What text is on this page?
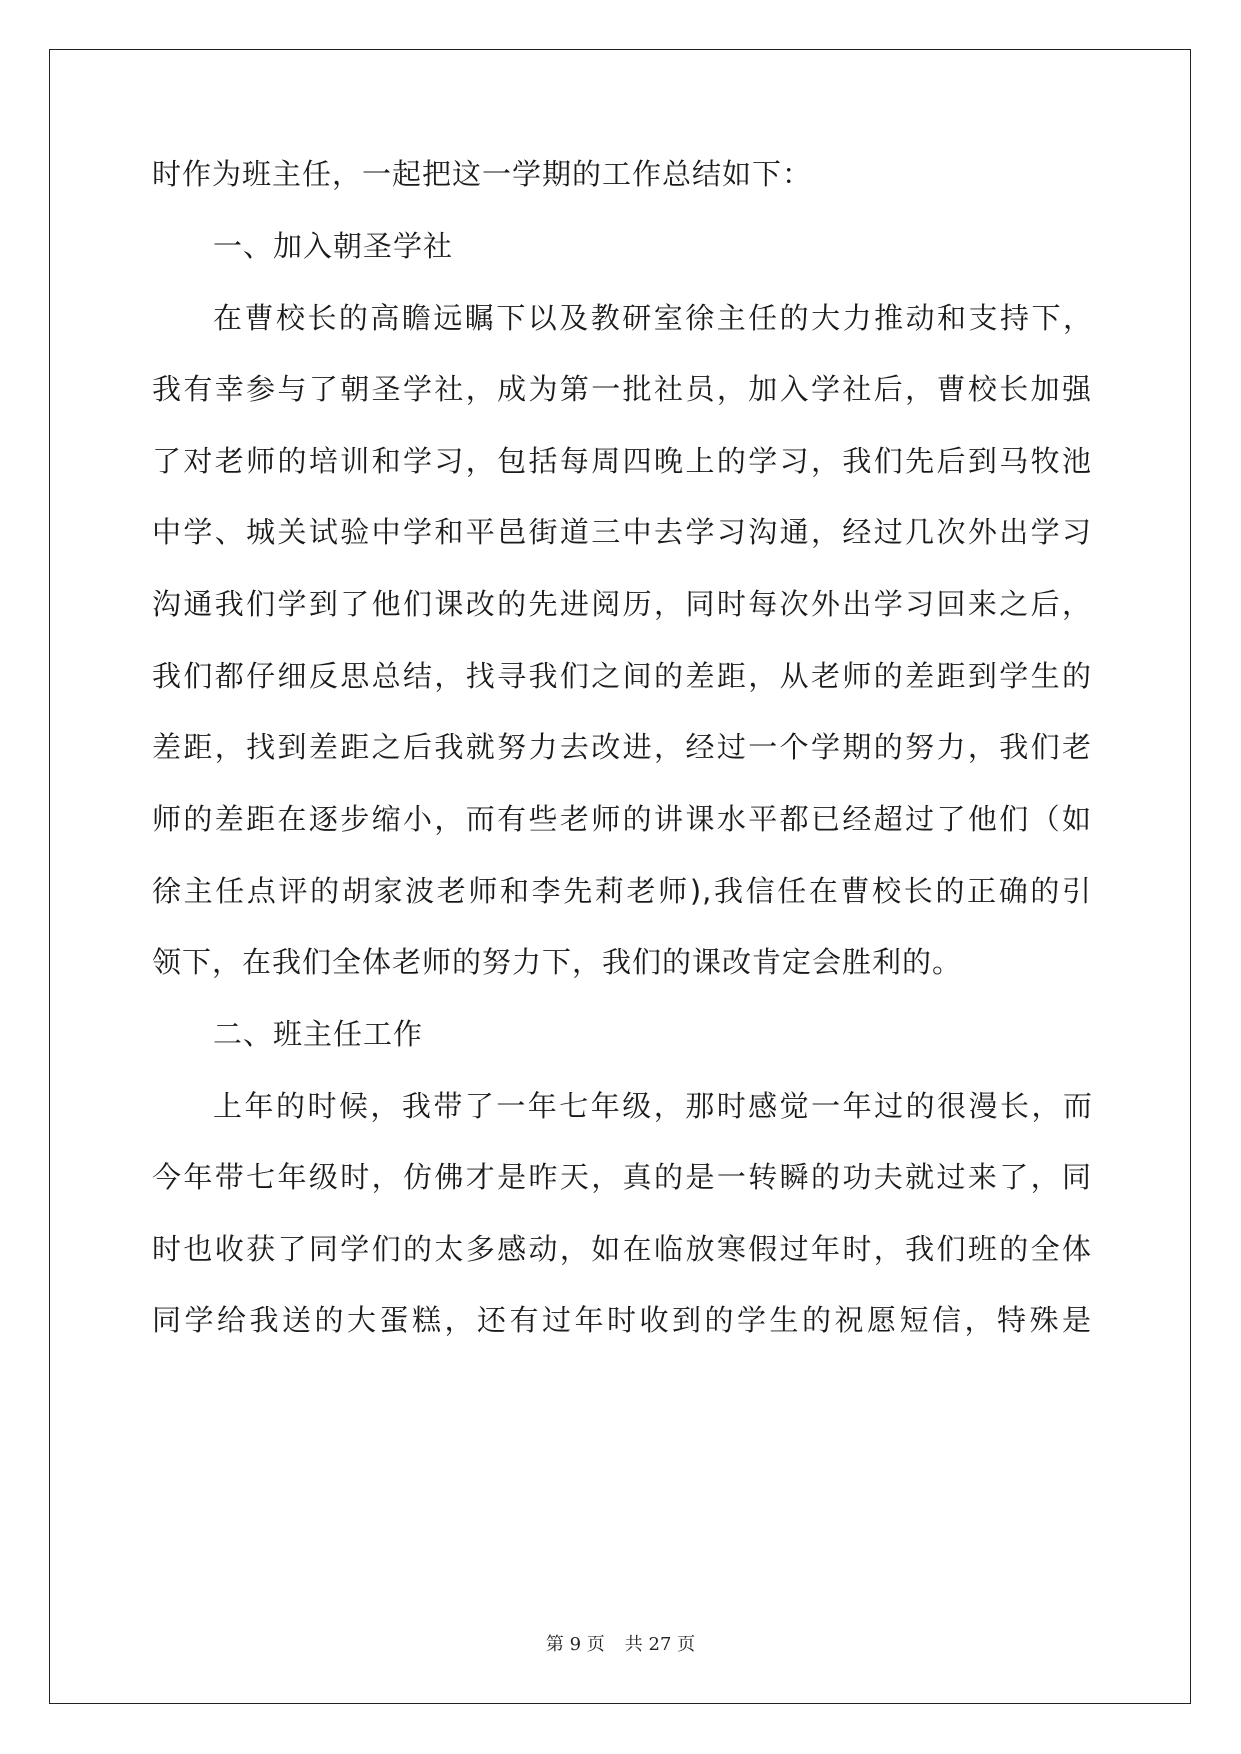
时作为班主任，一起把这一学期的工作总结如下：
一、加入朝圣学社
在曹校长的高瞻远瞩下以及教研室徐主任的大力推动和支持下，
我有幸参与了朝圣学社，成为第一批社员，加入学社后，曹校长加强
了对老师的培训和学习，包括每周四晚上的学习，我们先后到马牧池
中学、城关试验中学和平邑街道三中去学习沟通，经过几次外出学习
沟通我们学到了他们课改的先进阅历，同时每次外出学习回来之后，
我们都仔细反思总结，找寻我们之间的差距，从老师的差距到学生的
差距，找到差距之后我就努力去改进，经过一个学期的努力，我们老
师的差距在逐步缩小，而有些老师的讲课水平都已经超过了他们（如
徐主任点评的胡家波老师和李先莉老师),我信任在曹校长的正确的引
领下，在我们全体老师的努力下，我们的课改肯定会胜利的。
二、班主任工作
上年的时候，我带了一年七年级，那时感觉一年过的很漫长，而
今年带七年级时，仿佛才是昨天，真的是一转瞬的功夫就过来了，同
时也收获了同学们的太多感动，如在临放寒假过年时，我们班的全体
同学给我送的大蛋糕，还有过年时收到的学生的祝愿短信，特殊是
第 9 页 共 27 页
